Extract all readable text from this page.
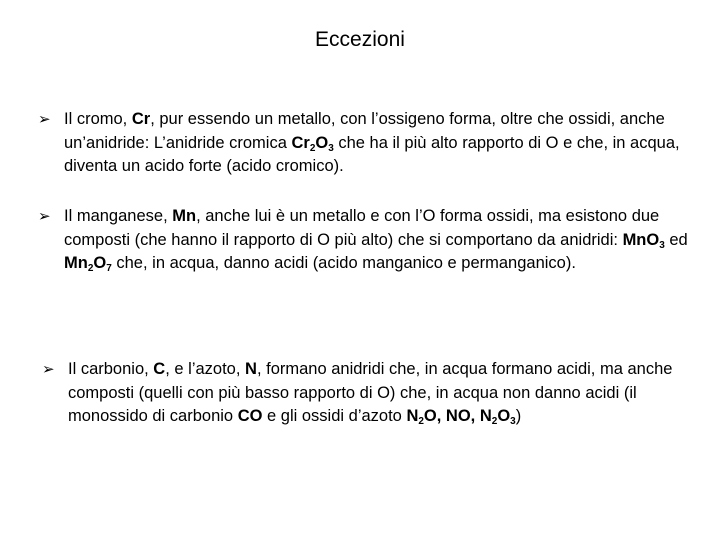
Eccezioni
➢ Il cromo, Cr, pur essendo un metallo, con l’ossigeno forma, oltre che ossidi, anche un’anidride: L’anidride cromica $Cr_2O_3$ che ha il più alto rapporto di O e che, in acqua, diventa un acido forte (acido cromico).
➢ Il manganese, Mn, anche lui è un metallo e con l’O forma ossidi, ma esistono due composti (che hanno il rapporto di O più alto) che si comportano da anidridi: MnO$_3$ ed $Mn_2O_7$ che, in acqua, danno acidi (acido manganico e permanganico).
➢ Il carbonio, C, e l’azoto, N, formano anidridi che, in acqua formano acidi, ma anche composti (quelli con più basso rapporto di O) che, in acqua non danno acidi (il monossido di carbonio CO e gli ossidi d’azoto $N_2O$, NO, $N_2O_3$)
